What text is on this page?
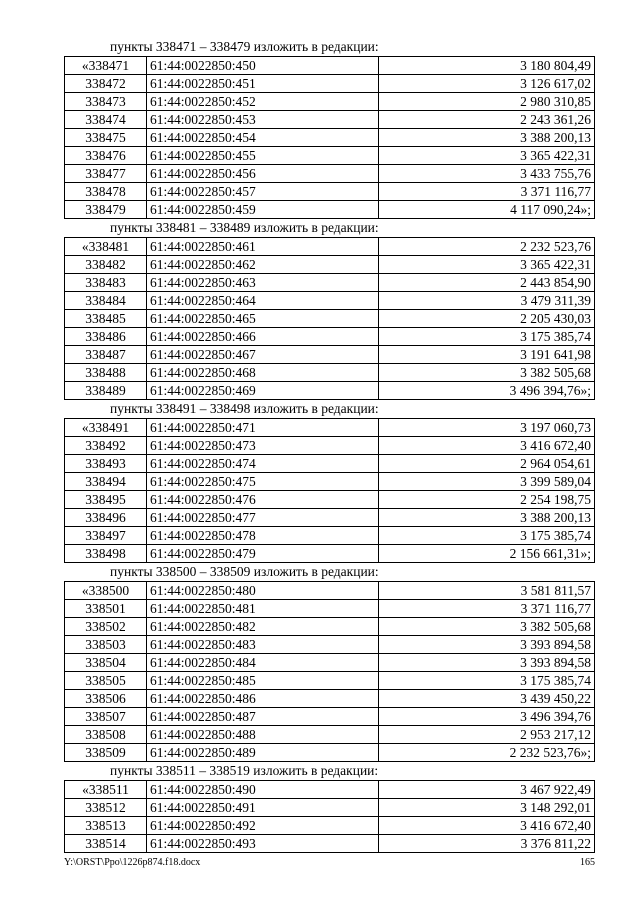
пункты 338471 – 338479 изложить в редакции:
«338471	61:44:0022850:450	3 180 804,49
338472	61:44:0022850:451	3 126 617,02
338473	61:44:0022850:452	2 980 310,85
338474	61:44:0022850:453	2 243 361,26
338475	61:44:0022850:454	3 388 200,13
338476	61:44:0022850:455	3 365 422,31
338477	61:44:0022850:456	3 433 755,76
338478	61:44:0022850:457	3 371 116,77
338479	61:44:0022850:459	4 117 090,24»;
пункты 338481 – 338489 изложить в редакции:
«338481	61:44:0022850:461	2 232 523,76
338482	61:44:0022850:462	3 365 422,31
338483	61:44:0022850:463	2 443 854,90
338484	61:44:0022850:464	3 479 311,39
338485	61:44:0022850:465	2 205 430,03
338486	61:44:0022850:466	3 175 385,74
338487	61:44:0022850:467	3 191 641,98
338488	61:44:0022850:468	3 382 505,68
338489	61:44:0022850:469	3 496 394,76»;
пункты 338491 – 338498 изложить в редакции:
«338491	61:44:0022850:471	3 197 060,73
338492	61:44:0022850:473	3 416 672,40
338493	61:44:0022850:474	2 964 054,61
338494	61:44:0022850:475	3 399 589,04
338495	61:44:0022850:476	2 254 198,75
338496	61:44:0022850:477	3 388 200,13
338497	61:44:0022850:478	3 175 385,74
338498	61:44:0022850:479	2 156 661,31»;
пункты 338500 – 338509 изложить в редакции:
«338500	61:44:0022850:480	3 581 811,57
338501	61:44:0022850:481	3 371 116,77
338502	61:44:0022850:482	3 382 505,68
338503	61:44:0022850:483	3 393 894,58
338504	61:44:0022850:484	3 393 894,58
338505	61:44:0022850:485	3 175 385,74
338506	61:44:0022850:486	3 439 450,22
338507	61:44:0022850:487	3 496 394,76
338508	61:44:0022850:488	2 953 217,12
338509	61:44:0022850:489	2 232 523,76»;
пункты 338511 – 338519 изложить в редакции:
«338511	61:44:0022850:490	3 467 922,49
338512	61:44:0022850:491	3 148 292,01
338513	61:44:0022850:492	3 416 672,40
338514	61:44:0022850:493	3 376 811,22
Y:\ORST\Ppo\1226p874.f18.docx	165
